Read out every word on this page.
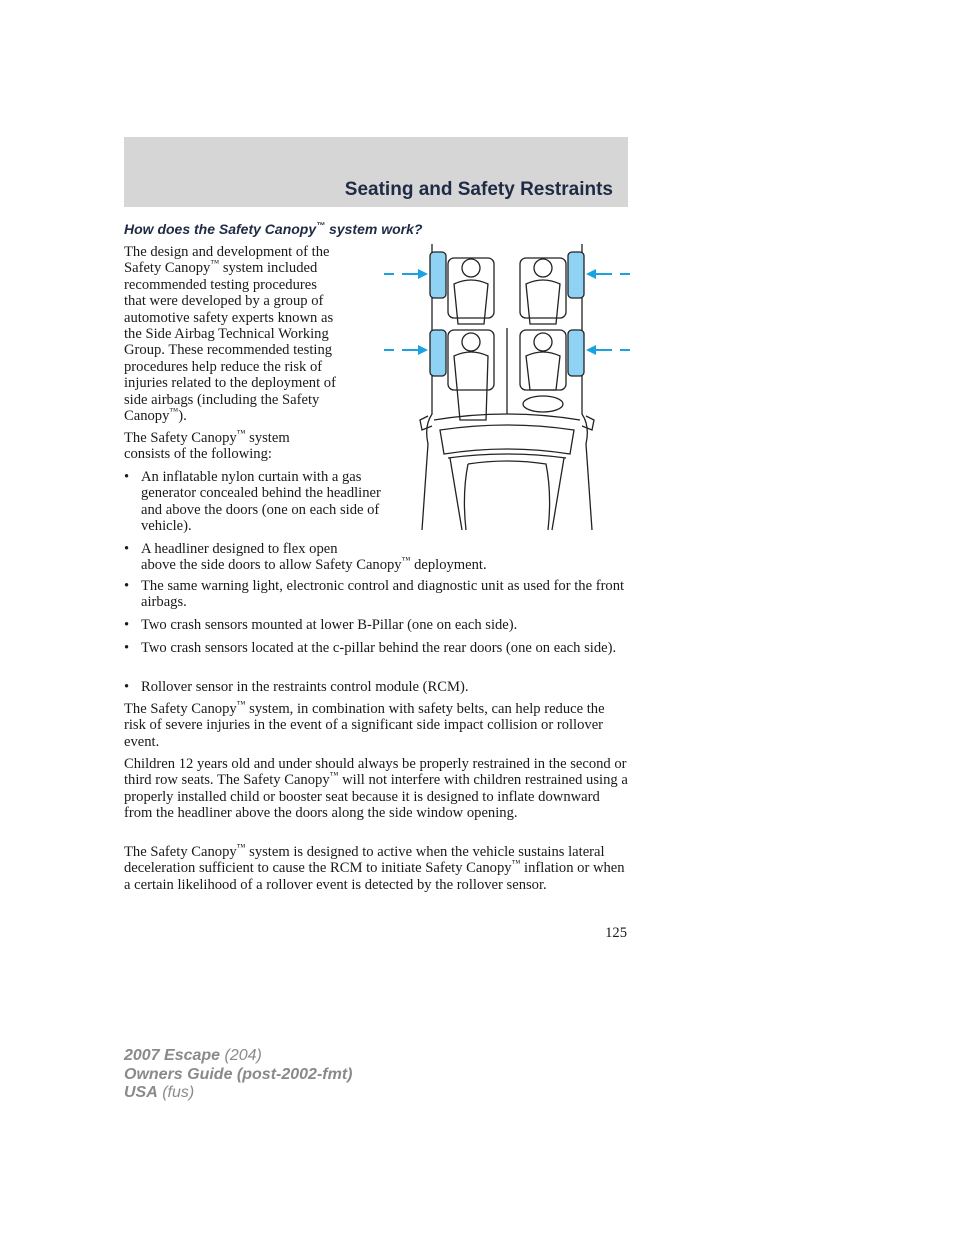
Seating and Safety Restraints
How does the Safety Canopy™ system work?
The design and development of the
Safety Canopy™ system included
recommended testing procedures
that were developed by a group of
automotive safety experts known as
the Side Airbag Technical Working
Group. These recommended testing
procedures help reduce the risk of
injuries related to the deployment of
side airbags (including the Safety
Canopy™).
The Safety Canopy™ system consists of the following:
• An inflatable nylon curtain with a gas generator concealed behind the headliner and above the doors (one on each side of vehicle).
• A headliner designed to flex open
above the side doors to allow Safety Canopy™ deployment.
• The same warning light, electronic control and diagnostic unit as used for the front airbags.
• Two crash sensors mounted at lower B-Pillar (one on each side).
• Two crash sensors located at the c-pillar behind the rear doors (one on each side).
• Rollover sensor in the restraints control module (RCM).
The Safety Canopy™ system, in combination with safety belts, can help reduce the risk of severe injuries in the event of a significant side impact collision or rollover event.
Children 12 years old and under should always be properly restrained in the second or third row seats. The Safety Canopy™ will not interfere with children restrained using a properly installed child or booster seat because it is designed to inflate downward from the headliner above the doors along the side window opening.
The Safety Canopy™ system is designed to active when the vehicle sustains lateral deceleration sufficient to cause the RCM to initiate Safety Canopy™ inflation or when a certain likelihood of a rollover event is detected by the rollover sensor.
125
2007 Escape (204)
Owners Guide (post-2002-fmt)
USA (fus)
